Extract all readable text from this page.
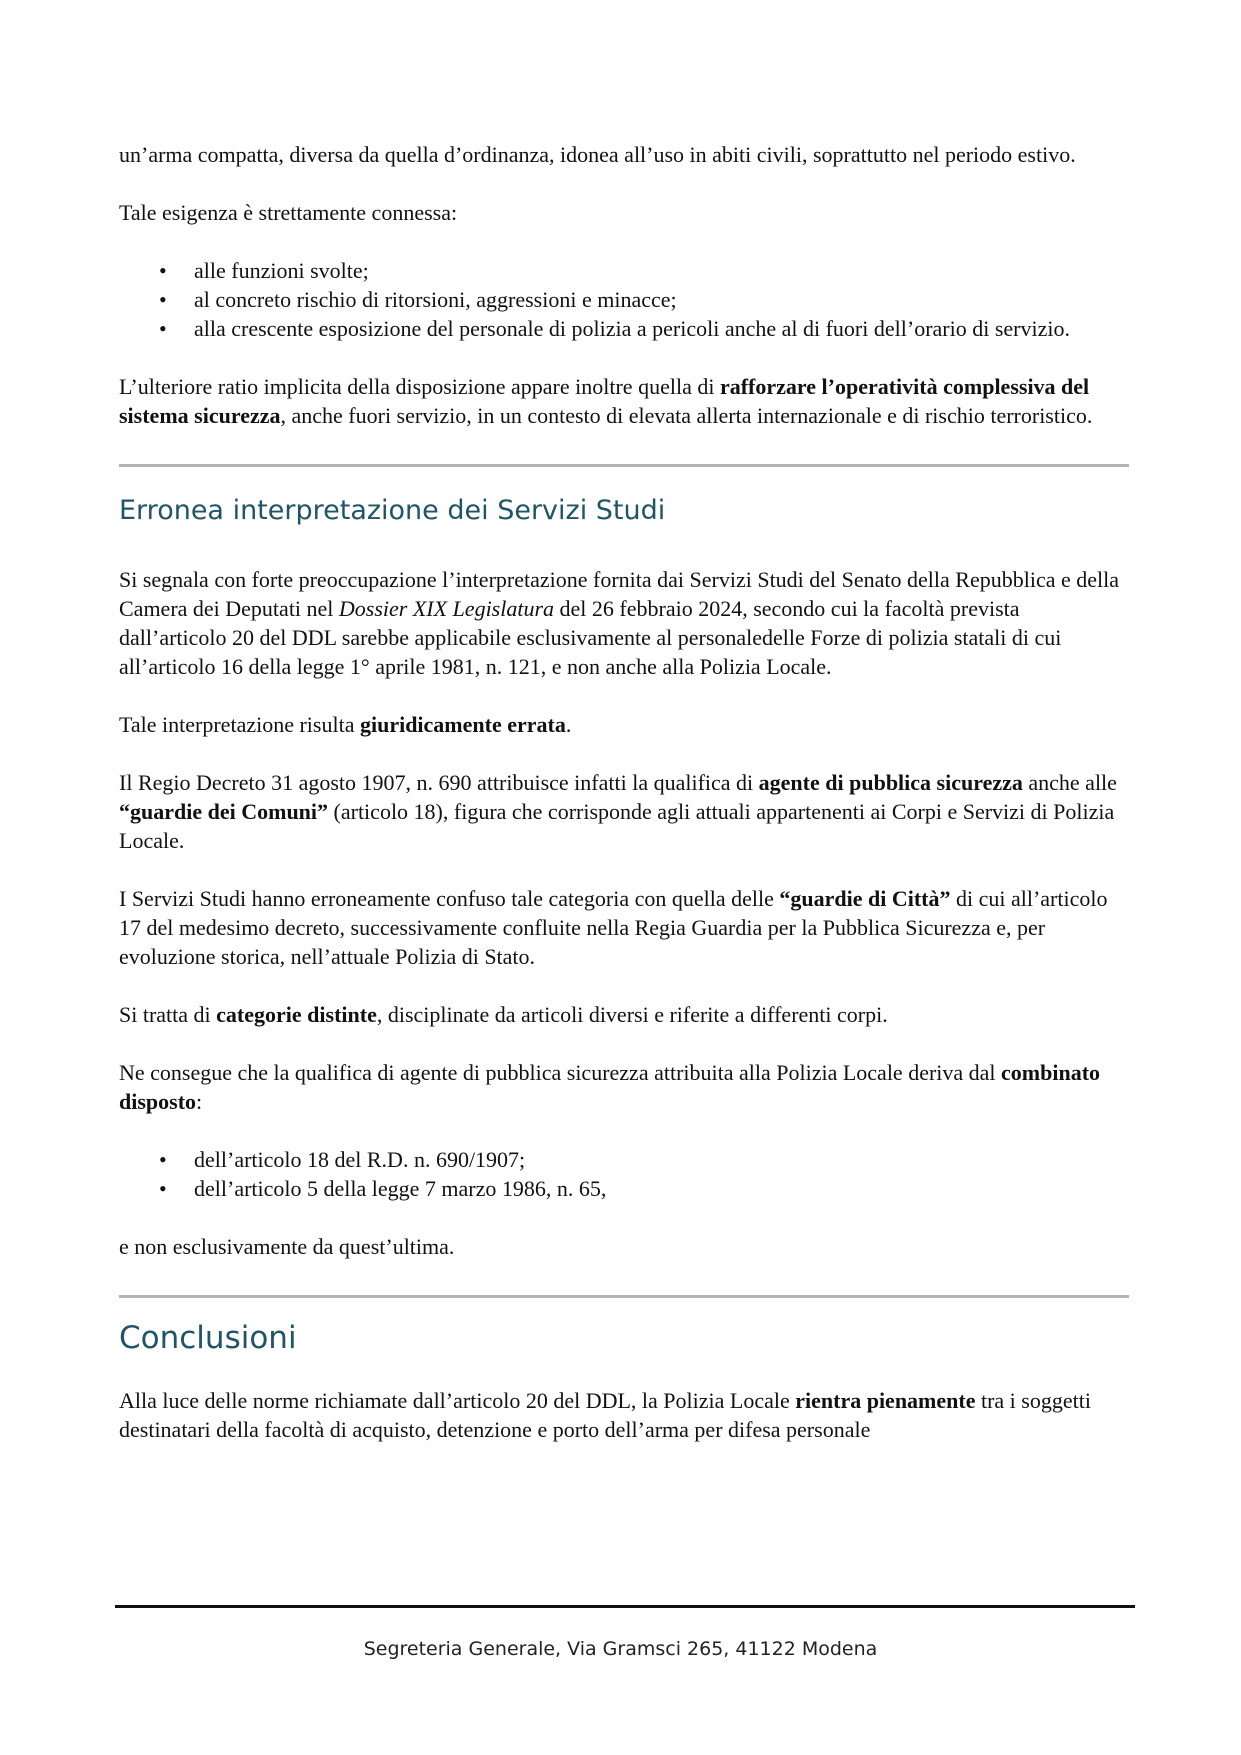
un’arma compatta, diversa da quella d’ordinanza, idonea all’uso in abiti civili, soprattutto nel periodo estivo.

Tale esigenza è strettamente connessa:

• alle funzioni svolte;
• al concreto rischio di ritorsioni, aggressioni e minacce;
• alla crescente esposizione del personale di polizia a pericoli anche al di fuori dell’orario di servizio.

L’ulteriore ratio implicita della disposizione appare inoltre quella di rafforzare l’operatività complessiva del sistema sicurezza, anche fuori servizio, in un contesto di elevata allerta internazionale e di rischio terroristico.

Erronea interpretazione dei Servizi Studi

Si segnala con forte preoccupazione l’interpretazione fornita dai Servizi Studi del Senato della Repubblica e della Camera dei Deputati nel Dossier XIX Legislatura del 26 febbraio 2024, secondo cui la facoltà prevista dall’articolo 20 del DDL sarebbe applicabile esclusivamente al personaledelle Forze di polizia statali di cui all’articolo 16 della legge 1° aprile 1981, n. 121, e non anche alla Polizia Locale.

Tale interpretazione risulta giuridicamente errata.

Il Regio Decreto 31 agosto 1907, n. 690 attribuisce infatti la qualifica di agente di pubblica sicurezza anche alle “guardie dei Comuni” (articolo 18), figura che corrisponde agli attuali appartenenti ai Corpi e Servizi di Polizia Locale.

I Servizi Studi hanno erroneamente confuso tale categoria con quella delle “guardie di Città” di cui all’articolo 17 del medesimo decreto, successivamente confluite nella Regia Guardia per la Pubblica Sicurezza e, per evoluzione storica, nell’attuale Polizia di Stato.

Si tratta di categorie distinte, disciplinate da articoli diversi e riferite a differenti corpi.

Ne consegue che la qualifica di agente di pubblica sicurezza attribuita alla Polizia Locale deriva dal combinato disposto:

• dell’articolo 18 del R.D. n. 690/1907;
• dell’articolo 5 della legge 7 marzo 1986, n. 65,

e non esclusivamente da quest’ultima.

Conclusioni

Alla luce delle norme richiamate dall’articolo 20 del DDL, la Polizia Locale rientra pienamente tra i soggetti destinatari della facoltà di acquisto, detenzione e porto dell’arma per difesa personale

Segreteria Generale, Via Gramsci 265, 41122 Modena
